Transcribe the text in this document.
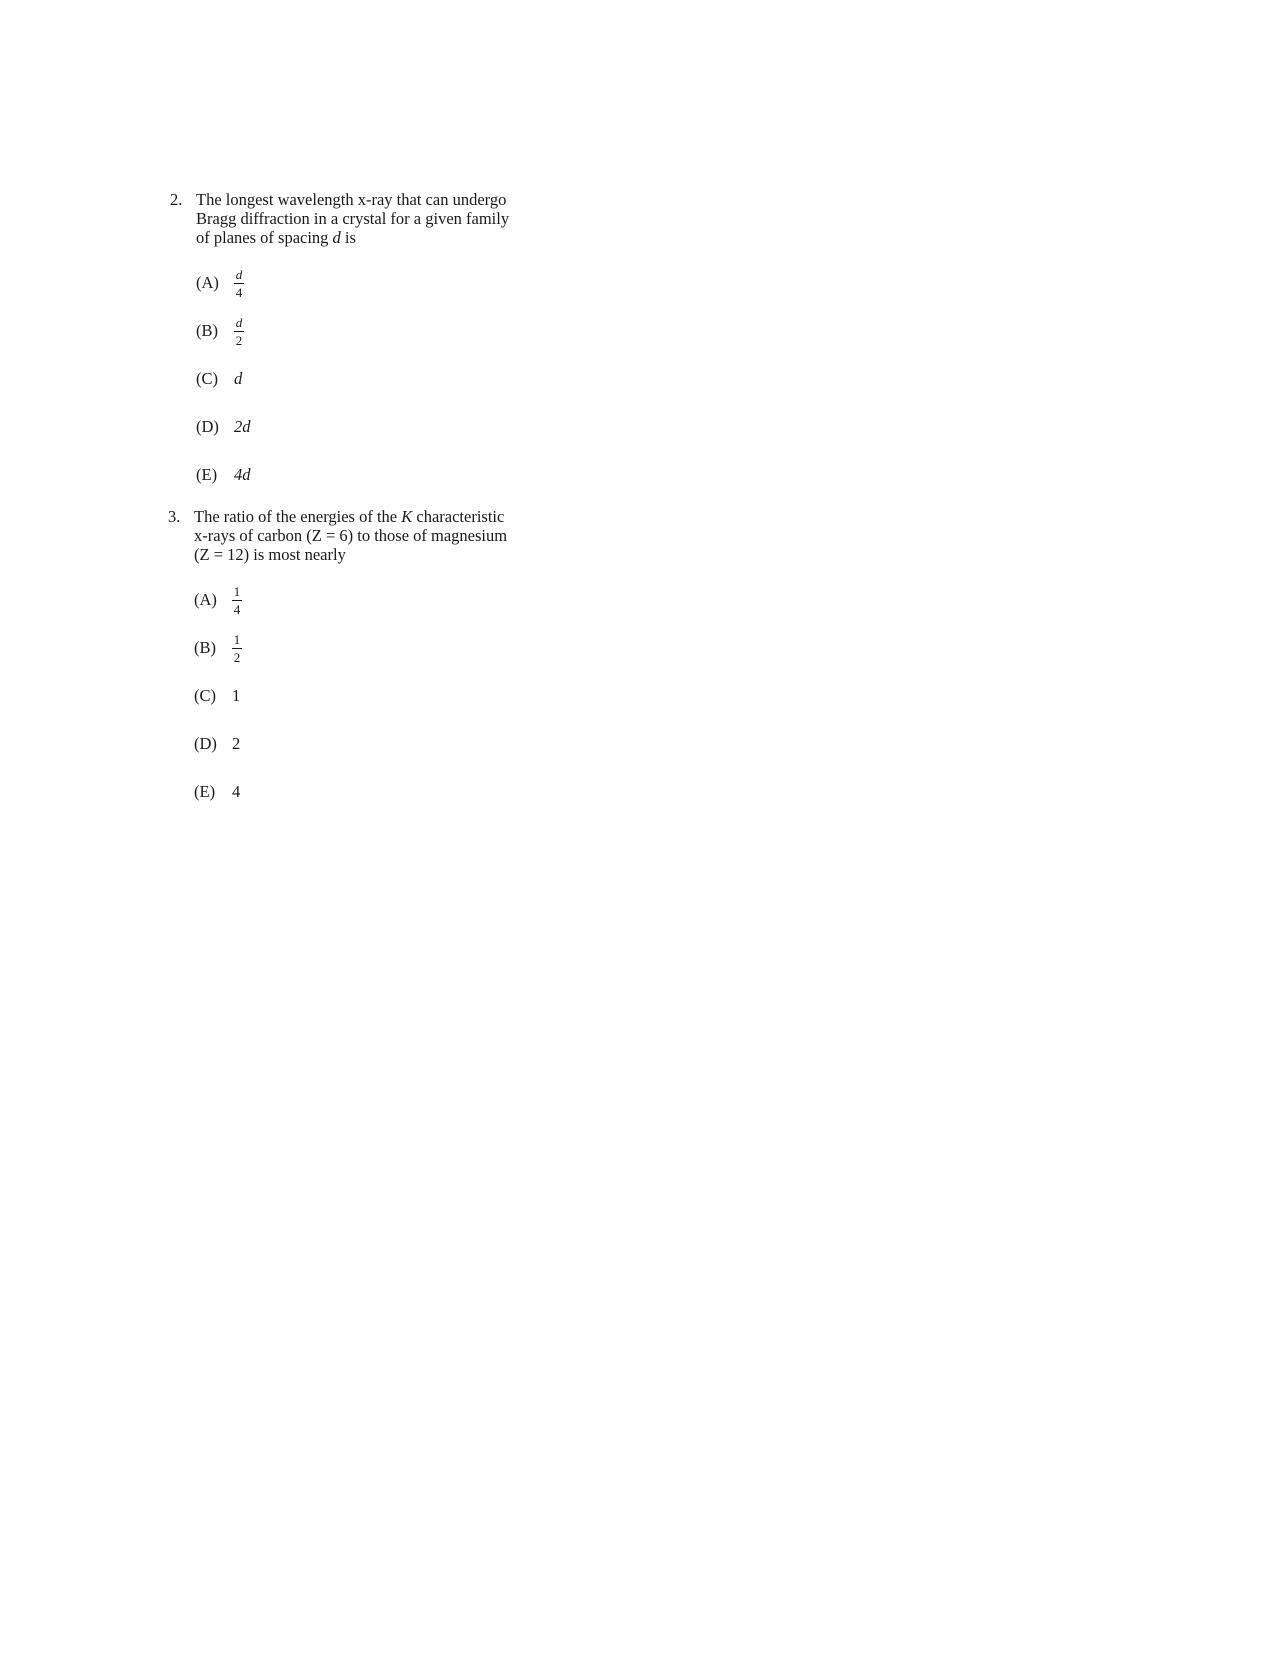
2. The longest wavelength x-ray that can undergo
Bragg diffraction in a crystal for a given family
of planes of spacing d is
(A)	$\frac{d}{4}$
(B)	$\frac{d}{2}$
(C) d
(D) 2d
(E)	4d
3. The ratio of the energies of the K characteristic
x-rays of carbon (Z = 6) to those of magnesium
(Z = 12) is most nearly
(A)	$\frac{1}{4}$
(B)	$\frac{1}{2}$
(C) 1
(D) 2
(E)	4
